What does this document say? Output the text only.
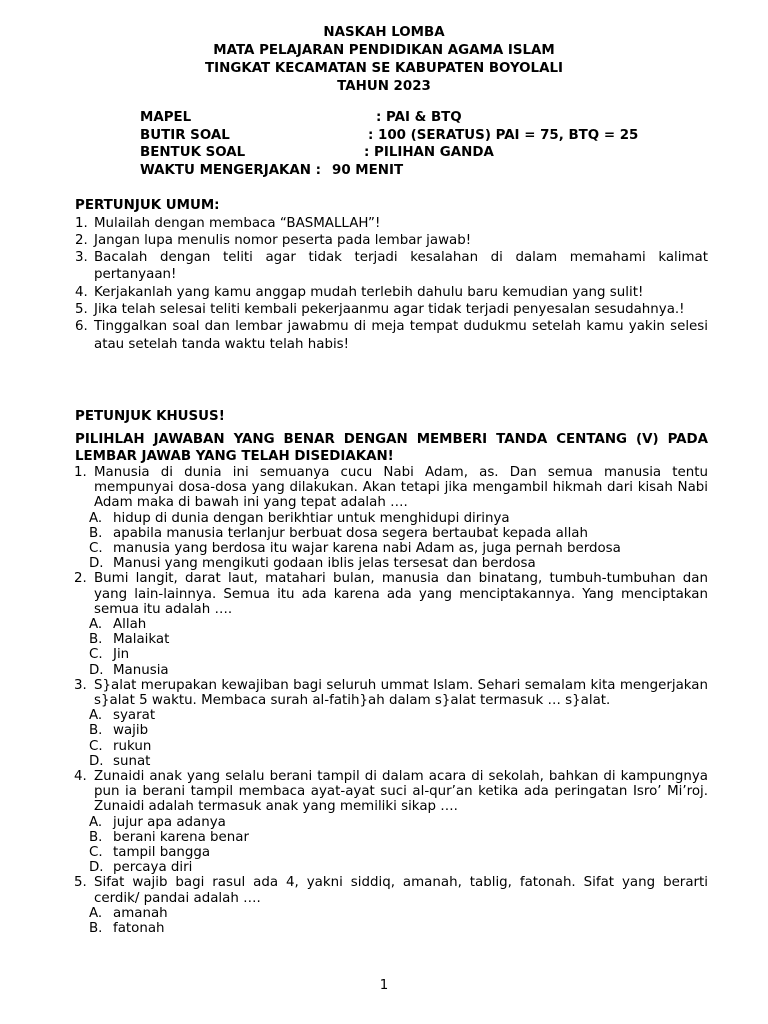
NASKAH LOMBA
MATA PELAJARAN PENDIDIKAN AGAMA ISLAM
TINGKAT KECAMATAN SE KABUPATEN BOYOLALI
TAHUN 2023
MAPEL	: PAI & BTQ
BUTIR SOAL	: 100 (SERATUS) PAI = 75, BTQ = 25
BENTUK SOAL	: PILIHAN GANDA
WAKTU MENGERJAKAN : 90 MENIT
PERTUNJUK UMUM:
1. Mulailah dengan membaca “BASMALLAH”!
2. Jangan lupa menulis nomor peserta pada lembar jawab!
3. Bacalah dengan teliti agar tidak terjadi kesalahan di dalam memahami kalimat pertanyaan!
4. Kerjakanlah yang kamu anggap mudah terlebih dahulu baru kemudian yang sulit!
5. Jika telah selesai teliti kembali pekerjaanmu agar tidak terjadi penyesalan sesudahnya.!
6. Tinggalkan soal dan lembar jawabmu di meja tempat dudukmu setelah kamu yakin selesi atau setelah tanda waktu telah habis!
PETUNJUK KHUSUS!
PILIHLAH JAWABAN YANG BENAR DENGAN MEMBERI TANDA CENTANG (V) PADA LEMBAR JAWAB YANG TELAH DISEDIAKAN!
1. Manusia di dunia ini semuanya cucu Nabi Adam, as. Dan semua manusia tentu mempunyai dosa-dosa yang dilakukan. Akan tetapi jika mengambil hikmah dari kisah Nabi Adam maka di bawah ini yang tepat adalah ….
A. hidup di dunia dengan berikhtiar untuk menghidupi dirinya
B. apabila manusia terlanjur berbuat dosa segera bertaubat kepada allah
C. manusia yang berdosa itu wajar karena nabi Adam as, juga pernah berdosa
D. Manusi yang mengikuti godaan iblis jelas tersesat dan berdosa
2. Bumi langit, darat laut, matahari bulan, manusia dan binatang, tumbuh-tumbuhan dan yang lain-lainnya. Semua itu ada karena ada yang menciptakannya. Yang menciptakan semua itu adalah ….
A. Allah
B. Malaikat
C. Jin
D. Manusia
3. S}alat merupakan kewajiban bagi seluruh ummat Islam. Sehari semalam kita mengerjakan s}alat 5 waktu. Membaca surah al-fatih}ah dalam s}alat termasuk … s}alat.
A. syarat
B. wajib
C. rukun
D. sunat
4. Zunaidi anak yang selalu berani tampil di dalam acara di sekolah, bahkan di kampungnya pun ia berani tampil membaca ayat-ayat suci al-qur’an ketika ada peringatan Isro’ Mi’roj. Zunaidi adalah termasuk anak yang memiliki sikap ….
A. jujur apa adanya
B. berani karena benar
C. tampil bangga
D. percaya diri
5. Sifat wajib bagi rasul ada 4, yakni siddiq, amanah, tablig, fatonah. Sifat yang berarti cerdik/ pandai adalah ….
A. amanah
B. fatonah
1
